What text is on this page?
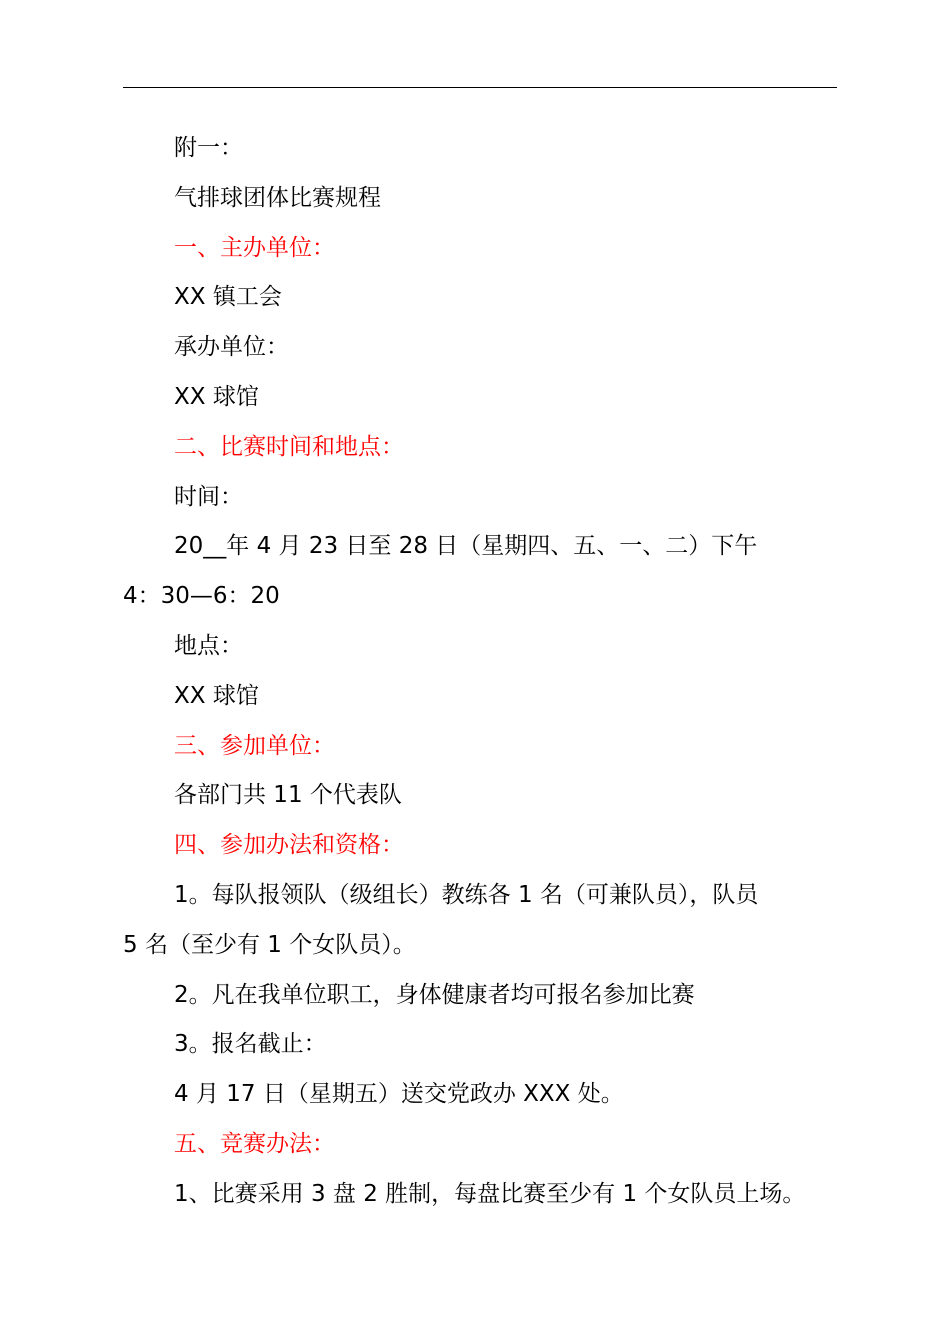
附一：

气排球团体比赛规程

一、主办单位：

XX 镇工会

承办单位：

XX 球馆

二、比赛时间和地点：

时间：

20__年 4 月 23 日至 28 日（星期四、五、一、二）下午

4：30—6：20

地点：

XX 球馆

三、参加单位：

各部门共 11 个代表队

四、参加办法和资格：

1。每队报领队（级组长）教练各 1 名（可兼队员），队员

5 名（至少有 1 个女队员）。

2。凡在我单位职工，身体健康者均可报名参加比赛

3。报名截止：

4 月 17 日（星期五）送交党政办 XXX 处。

五、竞赛办法：

1、比赛采用 3 盘 2 胜制，每盘比赛至少有 1 个女队员上场。
